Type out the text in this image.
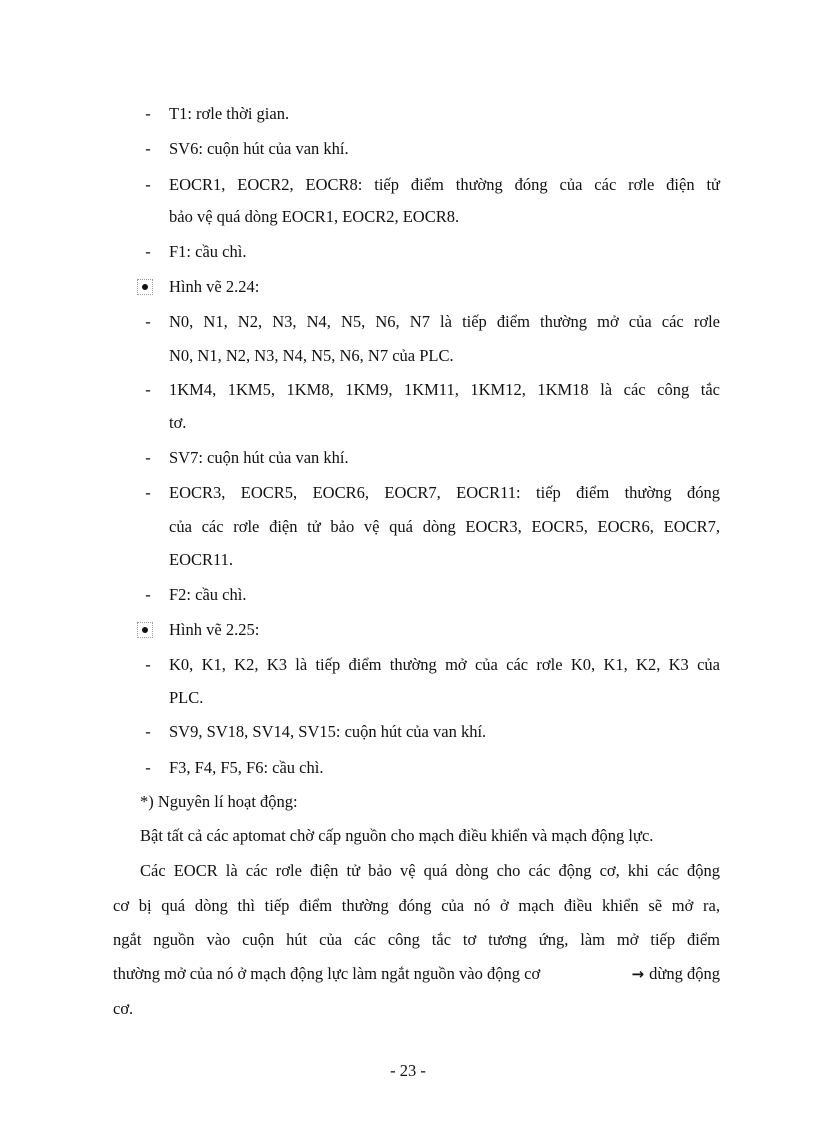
- T1: rơle thời gian.
- SV6: cuộn hút của van khí.
- EOCR1, EOCR2, EOCR8: tiếp điểm thường đóng của các rơle điện tử
bảo vệ quá dòng EOCR1, EOCR2, EOCR8.
- F1: cầu chì.
Hình vẽ 2.24:
- N0, N1, N2, N3, N4, N5, N6, N7 là tiếp điểm thường mở của các rơle
N0, N1, N2, N3, N4, N5, N6, N7 của PLC.
- 1KM4, 1KM5, 1KM8, 1KM9, 1KM11, 1KM12, 1KM18 là các công tắc
tơ.
- SV7: cuộn hút của van khí.
- EOCR3, EOCR5, EOCR6, EOCR7, EOCR11: tiếp điểm thường đóng
của các rơle điện tử bảo vệ quá dòng EOCR3, EOCR5, EOCR6, EOCR7,
EOCR11.
- F2: cầu chì.
Hình vẽ 2.25:
- K0, K1, K2, K3 là tiếp điểm thường mở của các rơle K0, K1, K2, K3 của
PLC.
- SV9, SV18, SV14, SV15: cuộn hút của van khí.
- F3, F4, F5, F6: cầu chì.
*) Nguyên lí hoạt động:
Bật tất cả các aptomat chờ cấp nguồn cho mạch điều khiển và mạch động lực.
Các EOCR là các rơle điện tử bảo vệ quá dòng cho các động cơ, khi các động
cơ bị quá dòng thì tiếp điểm thường đóng của nó ở mạch điều khiển sẽ mở ra,
ngắt nguồn vào cuộn hút của các công tắc tơ tương ứng, làm mở tiếp điểm
thường mở của nó ở mạch động lực làm ngắt nguồn vào động cơ	→ dừng động
cơ.
- 23 -
